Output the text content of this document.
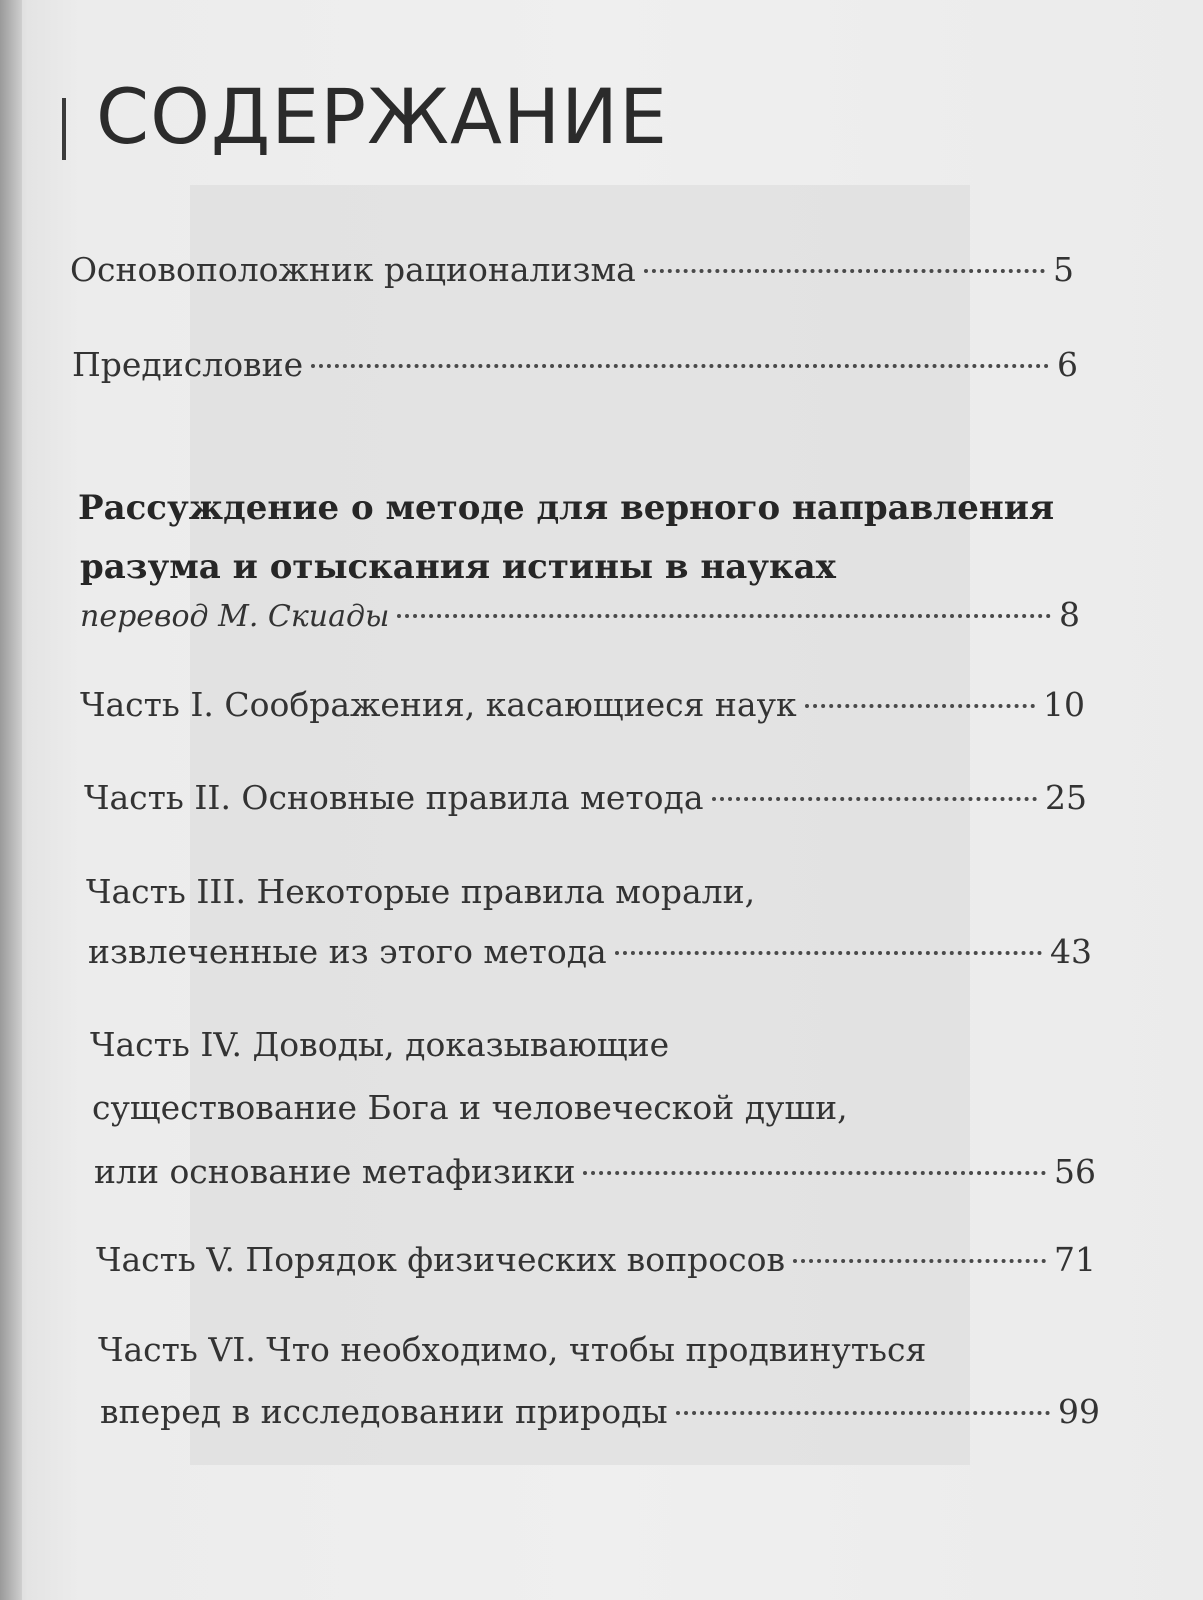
СОДЕРЖАНИЕ
Основоположник рационализма	5
Предисловие	6
Рассуждение о методе для верного направления
разума и отыскания истины в науках
перевод М. Скиады	8
Часть I. Соображения, касающиеся наук	10
Часть II. Основные правила метода	25
Часть III. Некоторые правила морали,
извлеченные из этого метода	43
Часть IV. Доводы, доказывающие
существование Бога и человеческой души,
или основание метафизики	56
Часть V. Порядок физических вопросов	71
Часть VI. Что необходимо, чтобы продвинуться
вперед в исследовании природы	99
